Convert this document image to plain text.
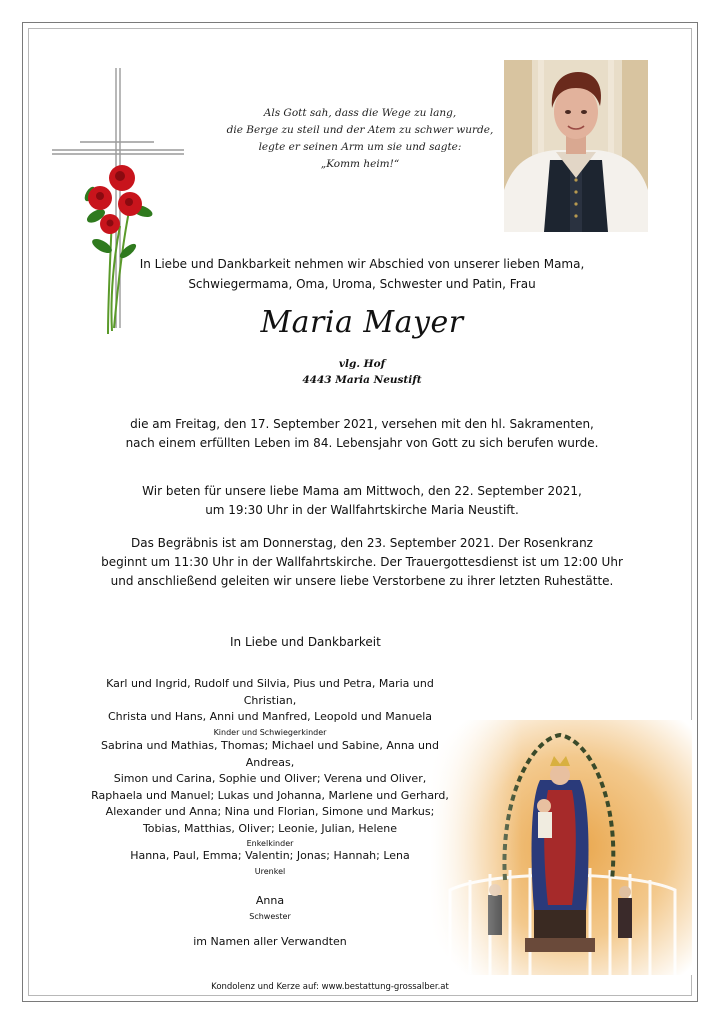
Als Gott sah, dass die Wege zu lang,
die Berge zu steil und der Atem zu schwer wurde,
legte er seinen Arm um sie und sagte:
„Komm heim!“
In Liebe und Dankbarkeit nehmen wir Abschied von unserer lieben Mama,
Schwiegermama, Oma, Uroma, Schwester und Patin, Frau
Maria Mayer
vlg. Hof
4443 Maria Neustift
die am Freitag, den 17. September 2021, versehen mit den hl. Sakramenten,
nach einem erfüllten Leben im 84. Lebensjahr von Gott zu sich berufen wurde.
Wir beten für unsere liebe Mama am Mittwoch, den 22. September 2021,
um 19:30 Uhr in der Wallfahrtskirche Maria Neustift.
Das Begräbnis ist am Donnerstag, den 23. September 2021. Der Rosenkranz
beginnt um 11:30 Uhr in der Wallfahrtskirche. Der Trauergottesdienst ist um 12:00 Uhr
und anschließend geleiten wir unsere liebe Verstorbene zu ihrer letzten Ruhestätte.
In Liebe und Dankbarkeit
Karl und Ingrid, Rudolf und Silvia, Pius und Petra, Maria und Christian,
Christa und Hans, Anni und Manfred, Leopold und Manuela
Kinder und Schwiegerkinder
Sabrina und Mathias, Thomas; Michael und Sabine, Anna und Andreas,
Simon und Carina, Sophie und Oliver; Verena und Oliver,
Raphaela und Manuel; Lukas und Johanna, Marlene und Gerhard,
Alexander und Anna; Nina und Florian, Simone und Markus;
Tobias, Matthias, Oliver; Leonie, Julian, Helene
Enkelkinder
Hanna, Paul, Emma; Valentin; Jonas; Hannah; Lena
Urenkel
Anna
Schwester
im Namen aller Verwandten
Kondolenz und Kerze auf: www.bestattung-grossalber.at
